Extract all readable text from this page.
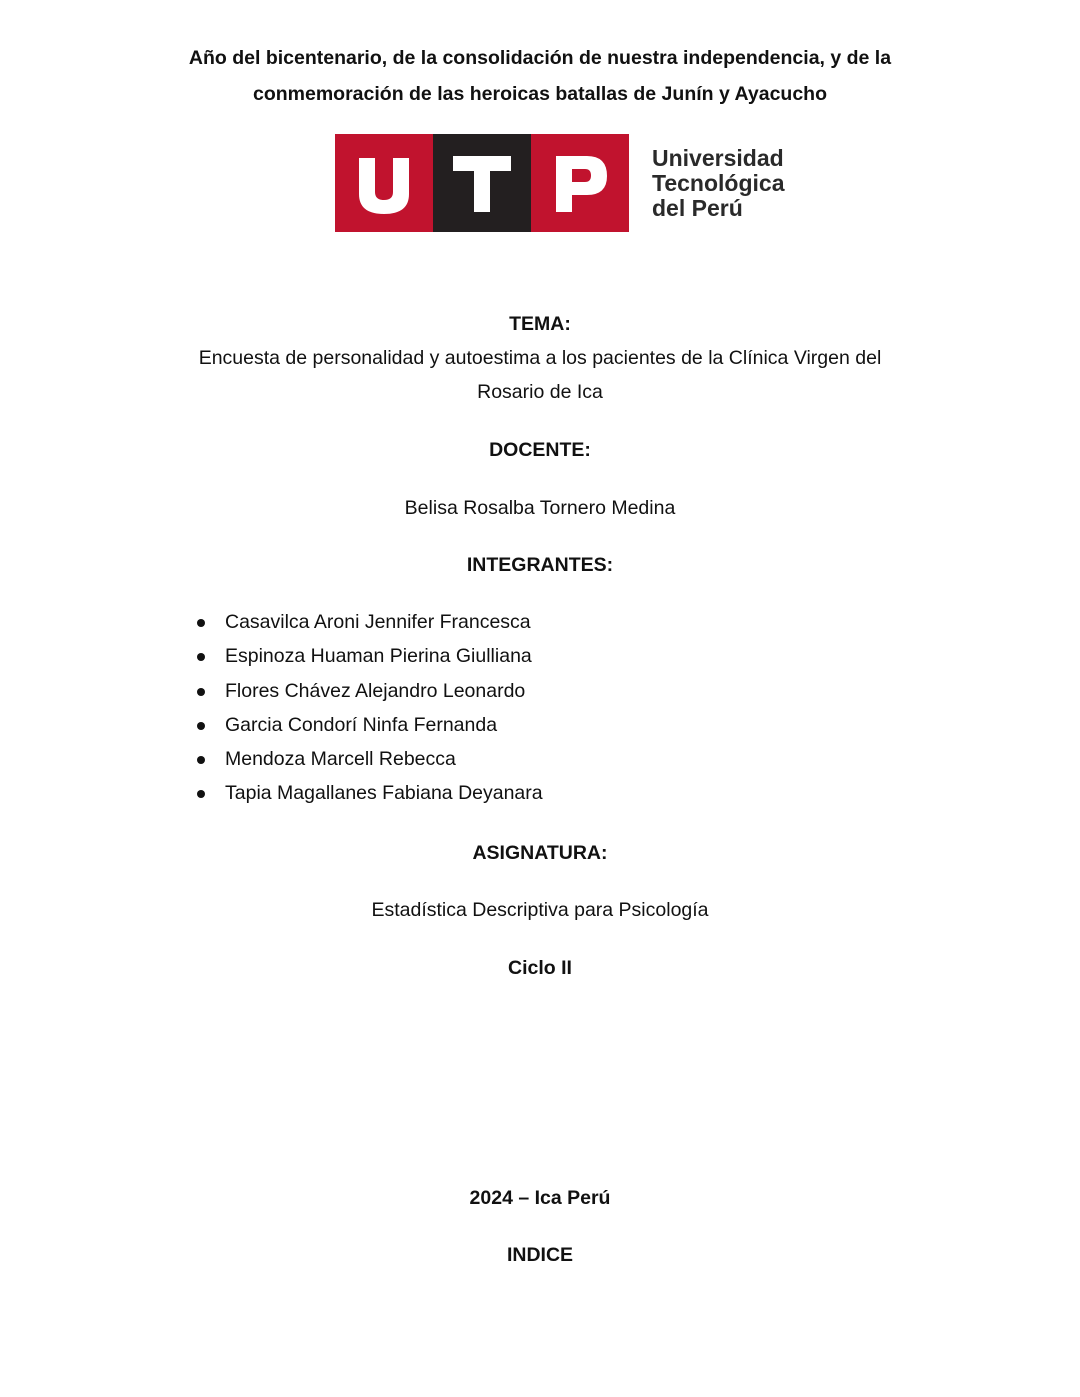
Año del bicentenario, de la consolidación de nuestra independencia, y de la
conmemoración de las heroicas batallas de Junín y Ayacucho
Universidad
Tecnológica
del Perú
TEMA:
Encuesta de personalidad y autoestima a los pacientes de la Clínica Virgen del
Rosario de Ica
DOCENTE:
Belisa Rosalba Tornero Medina
INTEGRANTES:
Casavilca Aroni Jennifer Francesca
Espinoza Huaman Pierina Giulliana
Flores Chávez Alejandro Leonardo
Garcia Condorí Ninfa Fernanda
Mendoza Marcell Rebecca
Tapia Magallanes Fabiana Deyanara
ASIGNATURA:
Estadística Descriptiva para Psicología
Ciclo II
2024 – Ica Perú
INDICE
